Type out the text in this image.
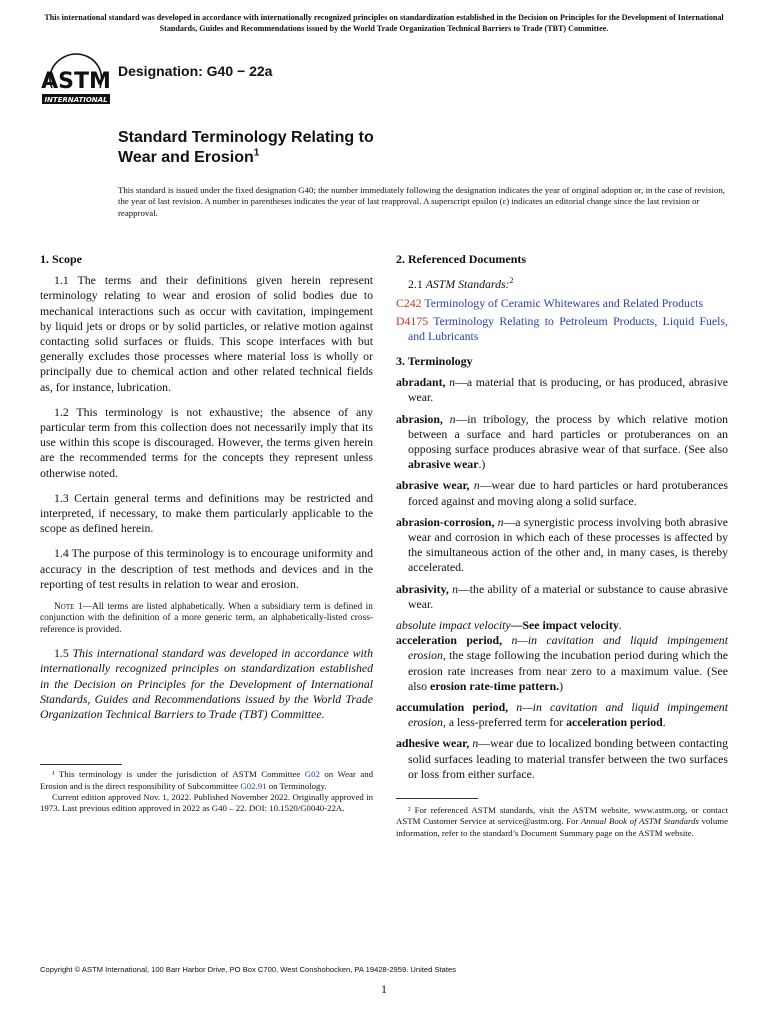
This international standard was developed in accordance with internationally recognized principles on standardization established in the Decision on Principles for the Development of International Standards, Guides and Recommendations issued by the World Trade Organization Technical Barriers to Trade (TBT) Committee.
ASTM
INTERNATIONAL
Designation: G40 − 22a
Standard Terminology Relating to
Wear and Erosion$^1$
This standard is issued under the fixed designation G40; the number immediately following the designation indicates the year of original adoption or, in the case of revision, the year of last revision. A number in parentheses indicates the year of last reapproval. A superscript epsilon (ε) indicates an editorial change since the last revision or reapproval.
1. Scope

1.1 The terms and their definitions given herein represent terminology relating to wear and erosion of solid bodies due to mechanical interactions such as occur with cavitation, impingement by liquid jets or drops or by solid particles, or relative motion against contacting solid surfaces or fluids. This scope interfaces with but generally excludes those processes where material loss is wholly or principally due to chemical action and other related technical fields as, for instance, lubrication.

1.2 This terminology is not exhaustive; the absence of any particular term from this collection does not necessarily imply that its use within this scope is discouraged. However, the terms given herein are the recommended terms for the concepts they represent unless otherwise noted.

1.3 Certain general terms and definitions may be restricted and interpreted, if necessary, to make them particularly applicable to the scope as defined herein.

1.4 The purpose of this terminology is to encourage uniformity and accuracy in the description of test methods and devices and in the reporting of test results in relation to wear and erosion.

Note 1—All terms are listed alphabetically. When a subsidiary term is defined in conjunction with the definition of a more generic term, an alphabetically-listed cross-reference is provided.

1.5 This international standard was developed in accordance with internationally recognized principles on standardization established in the Decision on Principles for the Development of International Standards, Guides and Recommendations issued by the World Trade Organization Technical Barriers to Trade (TBT) Committee.

¹ This terminology is under the jurisdiction of ASTM Committee G02 on Wear and Erosion and is the direct responsibility of Subcommittee G02.91 on Terminology.

Current edition approved Nov. 1, 2022. Published November 2022. Originally approved in 1973. Last previous edition approved in 2022 as G40 – 22. DOI: 10.1520/G0040-22A.

2. Referenced Documents

2.1 ASTM Standards:$^2$

C242 Terminology of Ceramic Whitewares and Related Products

D4175 Terminology Relating to Petroleum Products, Liquid Fuels, and Lubricants

3. Terminology

abradant, n—a material that is producing, or has produced, abrasive wear.

abrasion, n—in tribology, the process by which relative motion between a surface and hard particles or protuberances on an opposing surface produces abrasive wear of that surface. (See also abrasive wear.)

abrasive wear, n—wear due to hard particles or hard protuberances forced against and moving along a solid surface.

abrasion-corrosion, n—a synergistic process involving both abrasive wear and corrosion in which each of these processes is affected by the simultaneous action of the other and, in many cases, is thereby accelerated.

abrasivity, n—the ability of a material or substance to cause abrasive wear.

absolute impact velocity—See impact velocity.

acceleration period, n—in cavitation and liquid impingement erosion, the stage following the incubation period during which the erosion rate increases from near zero to a maximum value. (See also erosion rate-time pattern.)

accumulation period, n—in cavitation and liquid impingement erosion, a less-preferred term for acceleration period.

adhesive wear, n—wear due to localized bonding between contacting solid surfaces leading to material transfer between the two surfaces or loss from either surface.

² For referenced ASTM standards, visit the ASTM website, www.astm.org, or contact ASTM Customer Service at service@astm.org. For Annual Book of ASTM Standards volume information, refer to the standard’s Document Summary page on the ASTM website.

Copyright © ASTM International, 100 Barr Harbor Drive, PO Box C700, West Conshohocken, PA 19428-2959. United States
1
